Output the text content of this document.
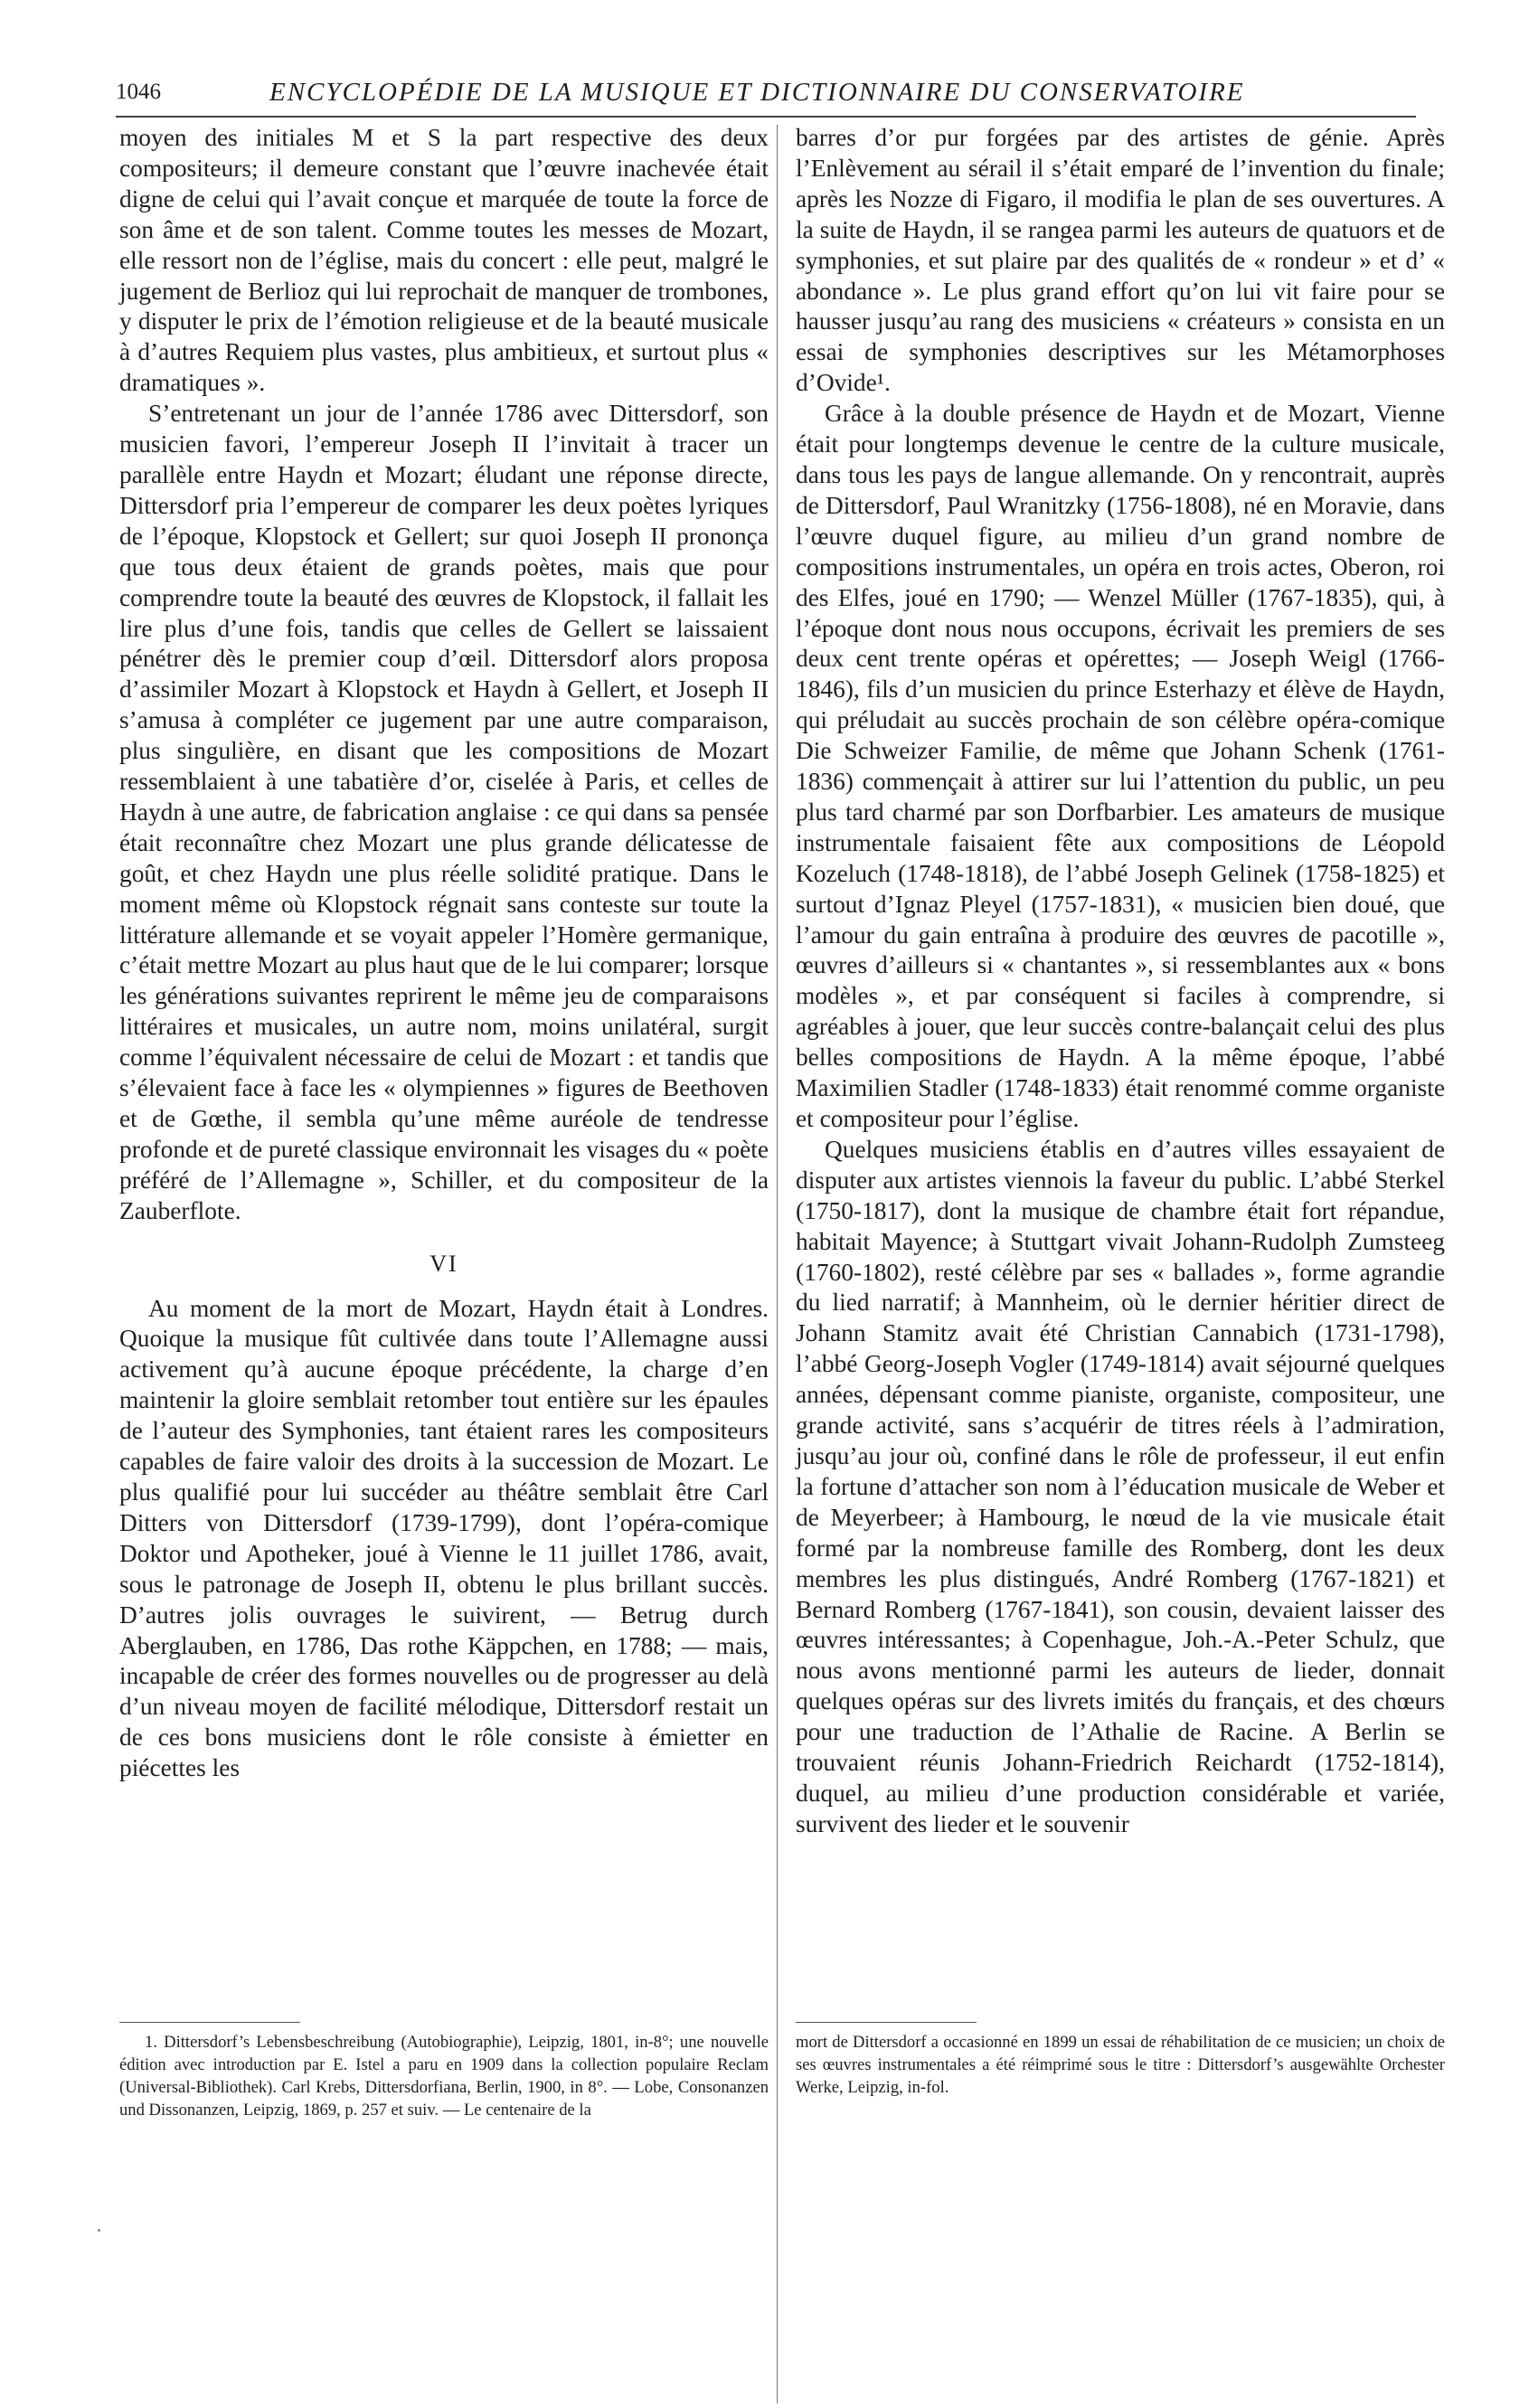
1046	ENCYCLOPÉDIE DE LA MUSIQUE ET DICTIONNAIRE DU CONSERVATOIRE

moyen des initiales M et S la part respective des deux compositeurs; il demeure constant que l’œuvre inachevée était digne de celui qui l’avait conçue et marquée de toute la force de son âme et de son talent. Comme toutes les messes de Mozart, elle ressort non de l’église, mais du concert : elle peut, malgré le jugement de Berlioz qui lui reprochait de manquer de trombones, y disputer le prix de l’émotion religieuse et de la beauté musicale à d’autres Requiem plus vastes, plus ambitieux, et surtout plus « dramatiques ».

S’entretenant un jour de l’année 1786 avec Dittersdorf, son musicien favori, l’empereur Joseph II l’invitait à tracer un parallèle entre Haydn et Mozart; éludant une réponse directe, Dittersdorf pria l’empereur de comparer les deux poètes lyriques de l’époque, Klopstock et Gellert; sur quoi Joseph II prononça que tous deux étaient de grands poètes, mais que pour comprendre toute la beauté des œuvres de Klopstock, il fallait les lire plus d’une fois, tandis que celles de Gellert se laissaient pénétrer dès le premier coup d’œil. Dittersdorf alors proposa d’assimiler Mozart à Klopstock et Haydn à Gellert, et Joseph II s’amusa à compléter ce jugement par une autre comparaison, plus singulière, en disant que les compositions de Mozart ressemblaient à une tabatière d’or, ciselée à Paris, et celles de Haydn à une autre, de fabrication anglaise : ce qui dans sa pensée était reconnaître chez Mozart une plus grande délicatesse de goût, et chez Haydn une plus réelle solidité pratique. Dans le moment même où Klopstock régnait sans conteste sur toute la littérature allemande et se voyait appeler l’Homère germanique, c’était mettre Mozart au plus haut que de le lui comparer; lorsque les générations suivantes reprirent le même jeu de comparaisons littéraires et musicales, un autre nom, moins unilatéral, surgit comme l’équivalent nécessaire de celui de Mozart : et tandis que s’élevaient face à face les « olympiennes » figures de Beethoven et de Gœthe, il sembla qu’une même auréole de tendresse profonde et de pureté classique environnait les visages du « poète préféré de l’Allemagne », Schiller, et du compositeur de la Zauberflote.

VI

Au moment de la mort de Mozart, Haydn était à Londres. Quoique la musique fût cultivée dans toute l’Allemagne aussi activement qu’à aucune époque précédente, la charge d’en maintenir la gloire semblait retomber tout entière sur les épaules de l’auteur des Symphonies, tant étaient rares les compositeurs capables de faire valoir des droits à la succession de Mozart. Le plus qualifié pour lui succéder au théâtre semblait être Carl Ditters von Dittersdorf (1739-1799), dont l’opéra-comique Doktor und Apotheker, joué à Vienne le 11 juillet 1786, avait, sous le patronage de Joseph II, obtenu le plus brillant succès. D’autres jolis ouvrages le suivirent, — Betrug durch Aberglauben, en 1786, Das rothe Käppchen, en 1788; — mais, incapable de créer des formes nouvelles ou de progresser au delà d’un niveau moyen de facilité mélodique, Dittersdorf restait un de ces bons musiciens dont le rôle consiste à émietter en piécettes les

barres d’or pur forgées par des artistes de génie. Après l’Enlèvement au sérail il s’était emparé de l’invention du finale; après les Nozze di Figaro, il modifia le plan de ses ouvertures. A la suite de Haydn, il se rangea parmi les auteurs de quatuors et de symphonies, et sut plaire par des qualités de « rondeur » et d’ « abondance ». Le plus grand effort qu’on lui vit faire pour se hausser jusqu’au rang des musiciens « créateurs » consista en un essai de symphonies descriptives sur les Métamorphoses d’Ovide¹.

Grâce à la double présence de Haydn et de Mozart, Vienne était pour longtemps devenue le centre de la culture musicale, dans tous les pays de langue allemande. On y rencontrait, auprès de Dittersdorf, Paul Wranitzky (1756-1808), né en Moravie, dans l’œuvre duquel figure, au milieu d’un grand nombre de compositions instrumentales, un opéra en trois actes, Oberon, roi des Elfes, joué en 1790; — Wenzel Müller (1767-1835), qui, à l’époque dont nous nous occupons, écrivait les premiers de ses deux cent trente opéras et opérettes; — Joseph Weigl (1766-1846), fils d’un musicien du prince Esterhazy et élève de Haydn, qui préludait au succès prochain de son célèbre opéra-comique Die Schweizer Familie, de même que Johann Schenk (1761-1836) commençait à attirer sur lui l’attention du public, un peu plus tard charmé par son Dorfbarbier. Les amateurs de musique instrumentale faisaient fête aux compositions de Léopold Kozeluch (1748-1818), de l’abbé Joseph Gelinek (1758-1825) et surtout d’Ignaz Pleyel (1757-1831), « musicien bien doué, que l’amour du gain entraîna à produire des œuvres de pacotille », œuvres d’ailleurs si « chantantes », si ressemblantes aux « bons modèles », et par conséquent si faciles à comprendre, si agréables à jouer, que leur succès contre-balançait celui des plus belles compositions de Haydn. A la même époque, l’abbé Maximilien Stadler (1748-1833) était renommé comme organiste et compositeur pour l’église.

Quelques musiciens établis en d’autres villes essayaient de disputer aux artistes viennois la faveur du public. L’abbé Sterkel (1750-1817), dont la musique de chambre était fort répandue, habitait Mayence; à Stuttgart vivait Johann-Rudolph Zumsteeg (1760-1802), resté célèbre par ses « ballades », forme agrandie du lied narratif; à Mannheim, où le dernier héritier direct de Johann Stamitz avait été Christian Cannabich (1731-1798), l’abbé Georg-Joseph Vogler (1749-1814) avait séjourné quelques années, dépensant comme pianiste, organiste, compositeur, une grande activité, sans s’acquérir de titres réels à l’admiration, jusqu’au jour où, confiné dans le rôle de professeur, il eut enfin la fortune d’attacher son nom à l’éducation musicale de Weber et de Meyerbeer; à Hambourg, le nœud de la vie musicale était formé par la nombreuse famille des Romberg, dont les deux membres les plus distingués, André Romberg (1767-1821) et Bernard Romberg (1767-1841), son cousin, devaient laisser des œuvres intéressantes; à Copenhague, Joh.-A.-Peter Schulz, que nous avons mentionné parmi les auteurs de lieder, donnait quelques opéras sur des livrets imités du français, et des chœurs pour une traduction de l’Athalie de Racine. A Berlin se trouvaient réunis Johann-Friedrich Reichardt (1752-1814), duquel, au milieu d’une production considérable et variée, survivent des lieder et le souvenir

1. Dittersdorf’s Lebensbeschreibung (Autobiographie), Leipzig, 1801, in-8°; une nouvelle édition avec introduction par E. Istel a paru en 1909 dans la collection populaire Reclam (Universal-Bibliothek). Carl Krebs, Dittersdorfiana, Berlin, 1900, in 8°. — Lobe, Consonanzen und Dissonanzen, Leipzig, 1869, p. 257 et suiv. — Le centenaire de la

mort de Dittersdorf a occasionné en 1899 un essai de réhabilitation de ce musicien; un choix de ses œuvres instrumentales a été réimprimé sous le titre : Dittersdorf’s ausgewählte Orchester Werke, Leipzig, in-fol.
